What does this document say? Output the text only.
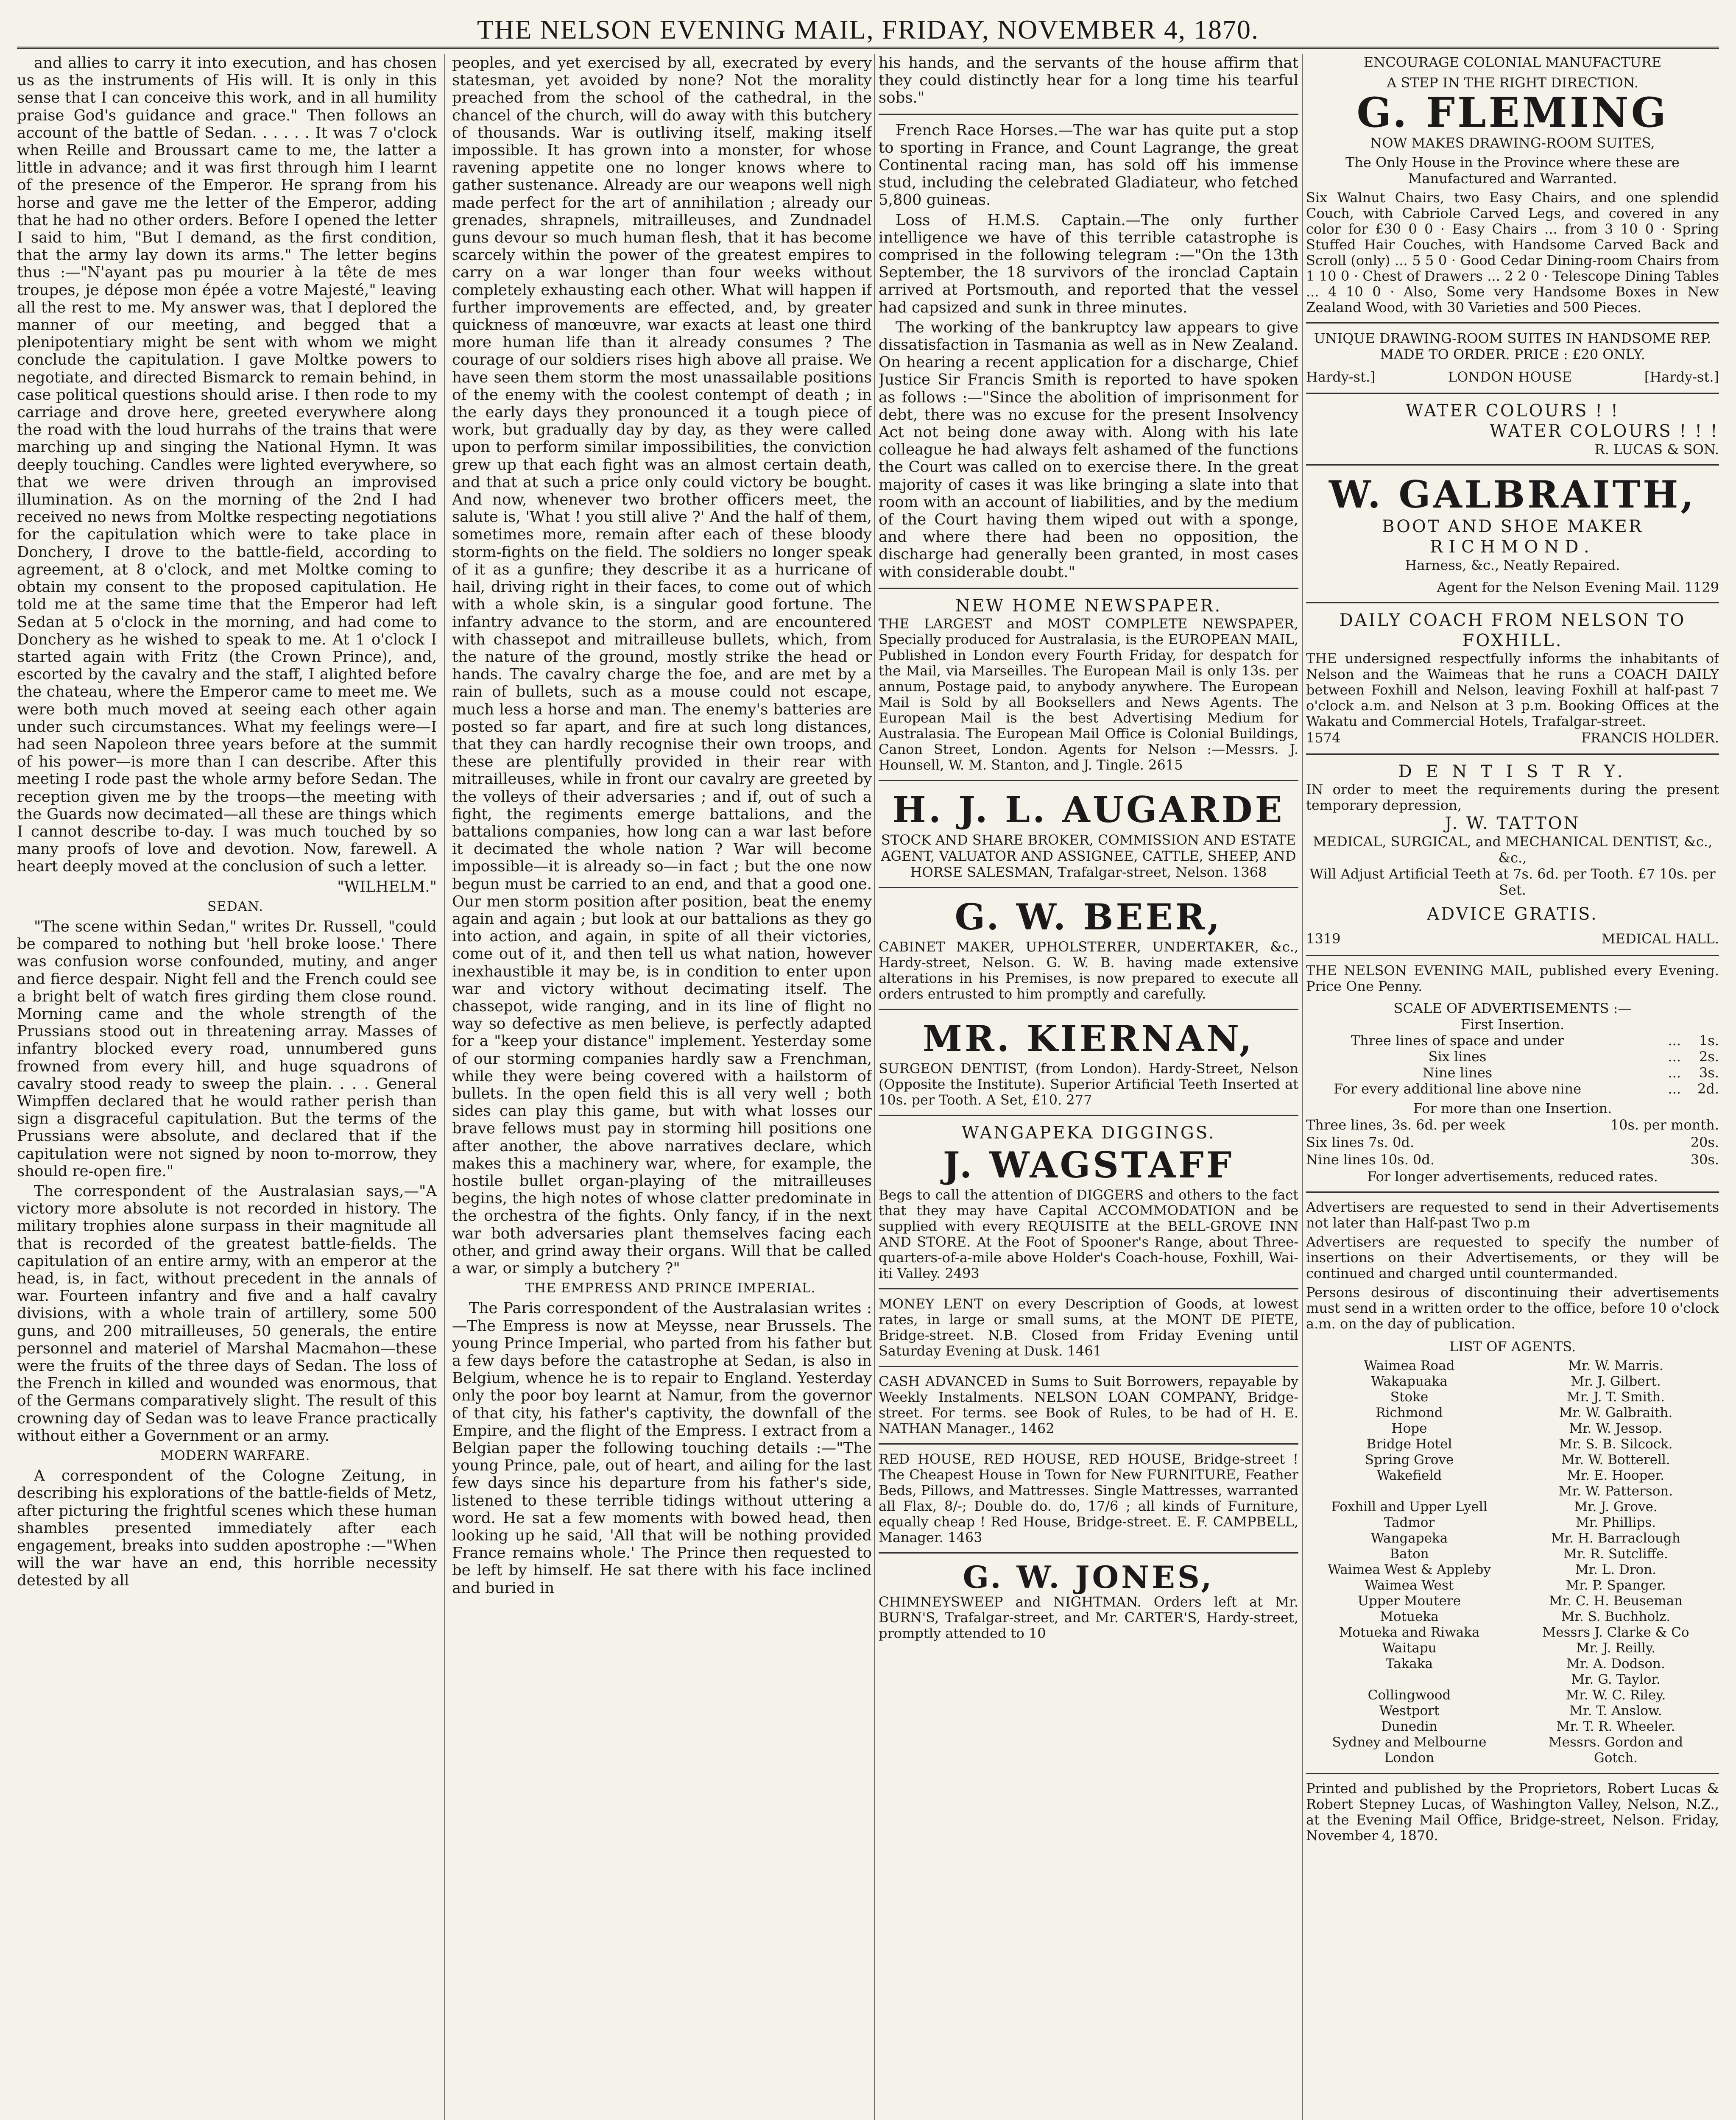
THE NELSON EVENING MAIL, FRIDAY, NOVEMBER 4, 1870.

and allies to carry it into execution, and has chosen us as the instruments of His will. It is only in this sense that I can conceive this work, and in all humility praise God's guidance and grace." Then follows an account of the battle of Sedan. . . . . . It was 7 o'clock when Reille and Broussart came to me, the latter a little in advance; and it was first through him I learnt of the presence of the Emperor. He sprang from his horse and gave me the letter of the Emperor, adding that he had no other orders. Before I opened the letter I said to him, "But I demand, as the first condition, that the army lay down its arms." The letter begins thus :—"N'ayant pas pu mourier à la tête de mes troupes, je dépose mon épée a votre Majesté," leaving all the rest to me. My answer was, that I deplored the manner of our meeting, and begged that a plenipotentiary might be sent with whom we might conclude the capitulation. I gave Moltke powers to negotiate, and directed Bismarck to remain behind, in case political questions should arise. I then rode to my carriage and drove here, greeted everywhere along the road with the loud hurrahs of the trains that were marching up and singing the National Hymn. It was deeply touching. Candles were lighted everywhere, so that we were driven through an improvised illumination. As on the morning of the 2nd I had received no news from Moltke respecting negotiations for the capitulation which were to take place in Donchery, I drove to the battle-field, according to agreement, at 8 o'clock, and met Moltke coming to obtain my consent to the proposed capitulation. He told me at the same time that the Emperor had left Sedan at 5 o'clock in the morning, and had come to Donchery as he wished to speak to me. At 1 o'clock I started again with Fritz (the Crown Prince), and, escorted by the cavalry and the staff, I alighted before the chateau, where the Emperor came to meet me. We were both much moved at seeing each other again under such circumstances. What my feelings were—I had seen Napoleon three years before at the summit of his power—is more than I can describe. After this meeting I rode past the whole army before Sedan. The reception given me by the troops—the meeting with the Guards now decimated—all these are things which I cannot describe to-day. I was much touched by so many proofs of love and devotion. Now, farewell. A heart deeply moved at the conclusion of such a letter.

"WILHELM."

SEDAN.

"The scene within Sedan," writes Dr. Russell, "could be compared to nothing but 'hell broke loose.' There was confusion worse confounded, mutiny, and anger and fierce despair. Night fell and the French could see a bright belt of watch fires girding them close round. Morning came and the whole strength of the Prussians stood out in threatening array. Masses of infantry blocked every road, unnumbered guns frowned from every hill, and huge squadrons of cavalry stood ready to sweep the plain. . . . General Wimpffen declared that he would rather perish than sign a disgraceful capitulation. But the terms of the Prussians were absolute, and declared that if the capitulation were not signed by noon to-morrow, they should re-open fire."

The correspondent of the Australasian says,—"A victory more absolute is not recorded in history. The military trophies alone surpass in their magnitude all that is recorded of the greatest battle-fields. The capitulation of an entire army, with an emperor at the head, is, in fact, without precedent in the annals of war. Fourteen infantry and five and a half cavalry divisions, with a whole train of artillery, some 500 guns, and 200 mitrailleuses, 50 generals, the entire personnel and materiel of Marshal Macmahon—these were the fruits of the three days of Sedan. The loss of the French in killed and wounded was enormous, that of the Germans comparatively slight. The result of this crowning day of Sedan was to leave France practically without either a Government or an army.

MODERN WARFARE.

A correspondent of the Cologne Zeitung, in describing his explorations of the battle-fields of Metz, after picturing the frightful scenes which these human shambles presented immediately after each engagement, breaks into sudden apostrophe :—"When will the war have an end, this horrible necessity detested by all

peoples, and yet exercised by all, execrated by every statesman, yet avoided by none? Not the morality preached from the school of the cathedral, in the chancel of the church, will do away with this butchery of thousands. War is outliving itself, making itself impossible. It has grown into a monster, for whose ravening appetite one no longer knows where to gather sustenance. Already are our weapons well nigh made perfect for the art of annihilation ; already our grenades, shrapnels, mitrailleuses, and Zundnadel guns devour so much human flesh, that it has become scarcely within the power of the greatest empires to carry on a war longer than four weeks without completely exhausting each other. What will happen if further improvements are effected, and, by greater quickness of manœuvre, war exacts at least one third more human life than it already consumes ? The courage of our soldiers rises high above all praise. We have seen them storm the most unassailable positions of the enemy with the coolest contempt of death ; in the early days they pronounced it a tough piece of work, but gradually day by day, as they were called upon to perform similar impossibilities, the conviction grew up that each fight was an almost certain death, and that at such a price only could victory be bought. And now, whenever two brother officers meet, the salute is, 'What ! you still alive ?' And the half of them, sometimes more, remain after each of these bloody storm-fights on the field. The soldiers no longer speak of it as a gunfire; they describe it as a hurricane of hail, driving right in their faces, to come out of which with a whole skin, is a singular good fortune. The infantry advance to the storm, and are encountered with chassepot and mitrailleuse bullets, which, from the nature of the ground, mostly strike the head or hands. The cavalry charge the foe, and are met by a rain of bullets, such as a mouse could not escape, much less a horse and man. The enemy's batteries are posted so far apart, and fire at such long distances, that they can hardly recognise their own troops, and these are plentifully provided in their rear with mitrailleuses, while in front our cavalry are greeted by the volleys of their adversaries ; and if, out of such a fight, the regiments emerge battalions, and the battalions companies, how long can a war last before it decimated the whole nation ? War will become impossible—it is already so—in fact ; but the one now begun must be carried to an end, and that a good one. Our men storm position after position, beat the enemy again and again ; but look at our battalions as they go into action, and again, in spite of all their victories, come out of it, and then tell us what nation, however inexhaustible it may be, is in condition to enter upon war and victory without decimating itself. The chassepot, wide ranging, and in its line of flight no way so defective as men believe, is perfectly adapted for a "keep your distance" implement. Yesterday some of our storming companies hardly saw a Frenchman, while they were being covered with a hailstorm of bullets. In the open field this is all very well ; both sides can play this game, but with what losses our brave fellows must pay in storming hill positions one after another, the above narratives declare, which makes this a machinery war, where, for example, the hostile bullet organ-playing of the mitrailleuses begins, the high notes of whose clatter predominate in the orchestra of the fights. Only fancy, if in the next war both adversaries plant themselves facing each other, and grind away their organs. Will that be called a war, or simply a butchery ?"

THE EMPRESS AND PRINCE IMPERIAL.

The Paris correspondent of the Australasian writes :—The Empress is now at Meysse, near Brussels. The young Prince Imperial, who parted from his father but a few days before the catastrophe at Sedan, is also in Belgium, whence he is to repair to England. Yesterday only the poor boy learnt at Namur, from the governor of that city, his father's captivity, the downfall of the Empire, and the flight of the Empress. I extract from a Belgian paper the following touching details :—"The young Prince, pale, out of heart, and ailing for the last few days since his departure from his father's side, listened to these terrible tidings without uttering a word. He sat a few moments with bowed head, then looking up he said, 'All that will be nothing provided France remains whole.' The Prince then requested to be left by himself. He sat there with his face inclined and buried in

his hands, and the servants of the house affirm that they could distinctly hear for a long time his tearful sobs."

French Race Horses.—The war has quite put a stop to sporting in France, and Count Lagrange, the great Continental racing man, has sold off his immense stud, including the celebrated Gladiateur, who fetched 5,800 guineas.

Loss of H.M.S. Captain.—The only further intelligence we have of this terrible catastrophe is comprised in the following telegram :—"On the 13th September, the 18 survivors of the ironclad Captain arrived at Portsmouth, and reported that the vessel had capsized and sunk in three minutes.

The working of the bankruptcy law appears to give dissatisfaction in Tasmania as well as in New Zealand. On hearing a recent application for a discharge, Chief Justice Sir Francis Smith is reported to have spoken as follows :—"Since the abolition of imprisonment for debt, there was no excuse for the present Insolvency Act not being done away with. Along with his late colleague he had always felt ashamed of the functions the Court was called on to exercise there. In the great majority of cases it was like bringing a slate into that room with an account of liabilities, and by the medium of the Court having them wiped out with a sponge, and where there had been no opposition, the discharge had generally been granted, in most cases with considerable doubt."

NEW HOME NEWSPAPER.
THE LARGEST and MOST COMPLETE NEWSPAPER, Specially produced for Australasia, is the EUROPEAN MAIL, Published in London every Fourth Friday, for despatch for the Mail, via Marseilles. The European Mail is only 13s. per annum, Postage paid, to anybody anywhere. The European Mail is Sold by all Booksellers and News Agents. The European Mail is the best Advertising Medium for Australasia. The European Mail Office is Colonial Buildings, Canon Street, London. Agents for Nelson :—Messrs. J. Hounsell, W. M. Stanton, and J. Tingle. 2615
H. J. L. AUGARDE
STOCK AND SHARE BROKER, COMMISSION AND ESTATE AGENT, VALUATOR AND ASSIGNEE, CATTLE, SHEEP, AND HORSE SALESMAN, Trafalgar-street, Nelson. 1368
G. W. BEER,
CABINET MAKER, UPHOLSTERER, UNDERTAKER, &c., Hardy-street, Nelson. G. W. B. having made extensive alterations in his Premises, is now prepared to execute all orders entrusted to him promptly and carefully.
MR. KIERNAN,
SURGEON DENTIST, (from London). Hardy-Street, Nelson (Opposite the Institute). Superior Artificial Teeth Inserted at 10s. per Tooth. A Set, £10. 277
WANGAPEKA DIGGINGS.
J. WAGSTAFF
Begs to call the attention of DIGGERS and others to the fact that they may have Capital ACCOMMODATION and be supplied with every REQUISITE at the BELL-GROVE INN AND STORE. At the Foot of Spooner's Range, about Three-quarters-of-a-mile above Holder's Coach-house, Foxhill, Wai-iti Valley. 2493
MONEY LENT on every Description of Goods, at lowest rates, in large or small sums, at the MONT DE PIETE, Bridge-street. N.B. Closed from Friday Evening until Saturday Evening at Dusk. 1461
CASH ADVANCED in Sums to Suit Borrowers, repayable by Weekly Instalments. NELSON LOAN COMPANY, Bridge-street. For terms. see Book of Rules, to be had of H. E. NATHAN Manager., 1462
RED HOUSE, RED HOUSE, RED HOUSE, Bridge-street ! The Cheapest House in Town for New FURNITURE, Feather Beds, Pillows, and Mattresses. Single Mattresses, warranted all Flax, 8/-; Double do. do, 17/6 ; all kinds of Furniture, equally cheap ! Red House, Bridge-street. E. F. CAMPBELL, Manager. 1463
G. W. JONES,
CHIMNEYSWEEP and NIGHTMAN. Orders left at Mr. BURN'S, Trafalgar-street, and Mr. CARTER'S, Hardy-street, promptly attended to 10
ENCOURAGE COLONIAL MANUFACTURE
A STEP IN THE RIGHT DIRECTION.
G. FLEMING
NOW MAKES DRAWING-ROOM SUITES,
The Only House in the Province where these are Manufactured and Warranted.
Six Walnut Chairs, two Easy Chairs, and one splendid Couch, with Cabriole Carved Legs, and covered in any color for £30 0 0 · Easy Chairs ... from 3 10 0 · Spring Stuffed Hair Couches, with Handsome Carved Back and Scroll (only) ... 5 5 0 · Good Cedar Dining-room Chairs from 1 10 0 · Chest of Drawers ... 2 2 0 · Telescope Dining Tables ... 4 10 0 · Also, Some very Handsome Boxes in New Zealand Wood, with 30 Varieties and 500 Pieces.
UNIQUE DRAWING-ROOM SUITES IN HANDSOME REP. MADE TO ORDER. PRICE : £20 ONLY.
Hardy-st.]	LONDON HOUSE	[Hardy-st.]
WATER COLOURS ! !
WATER COLOURS ! ! !
R. LUCAS & SON.
W. GALBRAITH,
BOOT AND SHOE MAKER
RICHMOND.
Harness, &c., Neatly Repaired.
Agent for the Nelson Evening Mail. 1129
DAILY COACH FROM NELSON TO FOXHILL.
THE undersigned respectfully informs the inhabitants of Nelson and the Waimeas that he runs a COACH DAILY between Foxhill and Nelson, leaving Foxhill at half-past 7 o'clock a.m. and Nelson at 3 p.m. Booking Offices at the Wakatu and Commercial Hotels, Trafalgar-street.
1574	FRANCIS HOLDER.
D E N T I S T R Y.
IN order to meet the requirements during the present temporary depression,
J. W. TATTON
MEDICAL, SURGICAL, and MECHANICAL DENTIST, &c., &c.,
Will Adjust Artificial Teeth at 7s. 6d. per Tooth. £7 10s. per Set.
ADVICE GRATIS.
1319	MEDICAL HALL.
THE NELSON EVENING MAIL, published every Evening. Price One Penny.
SCALE OF ADVERTISEMENTS :—
First Insertion.
Three lines of space and under	...	1s.
Six lines	...	2s.
Nine lines	...	3s.
For every additional line above nine	...	2d.
For more than one Insertion.
Three lines, 3s. 6d. per week	10s. per month.
Six lines 7s. 0d.	20s.
Nine lines 10s. 0d.	30s.
For longer advertisements, reduced rates.
Advertisers are requested to send in their Advertisements not later than Half-past Two p.m
Advertisers are requested to specify the number of insertions on their Advertisements, or they will be continued and charged until countermanded.
Persons desirous of discontinuing their advertisements must send in a written order to the office, before 10 o'clock a.m. on the day of publication.
LIST OF AGENTS.
Waimea Road	Mr. W. Marris.
Wakapuaka	Mr. J. Gilbert.
Stoke	Mr. J. T. Smith.
Richmond	Mr. W. Galbraith.
Hope	Mr. W. Jessop.
Bridge Hotel	Mr. S. B. Silcock.
Spring Grove	Mr. W. Botterell.
Wakefield	Mr. E. Hooper.
Mr. W. Patterson.
Foxhill and Upper Lyell	Mr. J. Grove.
Tadmor	Mr. Phillips.
Wangapeka	Mr. H. Barraclough
Baton	Mr. R. Sutcliffe.
Waimea West & Appleby	Mr. L. Dron.
Waimea West	Mr. P. Spanger.
Upper Moutere	Mr. C. H. Beuseman
Motueka	Mr. S. Buchholz.
Motueka and Riwaka	Messrs J. Clarke & Co
Waitapu	Mr. J. Reilly.
Takaka	Mr. A. Dodson.
Mr. G. Taylor.
Collingwood	Mr. W. C. Riley.
Westport	Mr. T. Anslow.
Dunedin	Mr. T. R. Wheeler.
Sydney and Melbourne	Messrs. Gordon and
London	Gotch.
Printed and published by the Proprietors, Robert Lucas & Robert Stepney Lucas, of Washington Valley, Nelson, N.Z., at the Evening Mail Office, Bridge-street, Nelson. Friday, November 4, 1870.
